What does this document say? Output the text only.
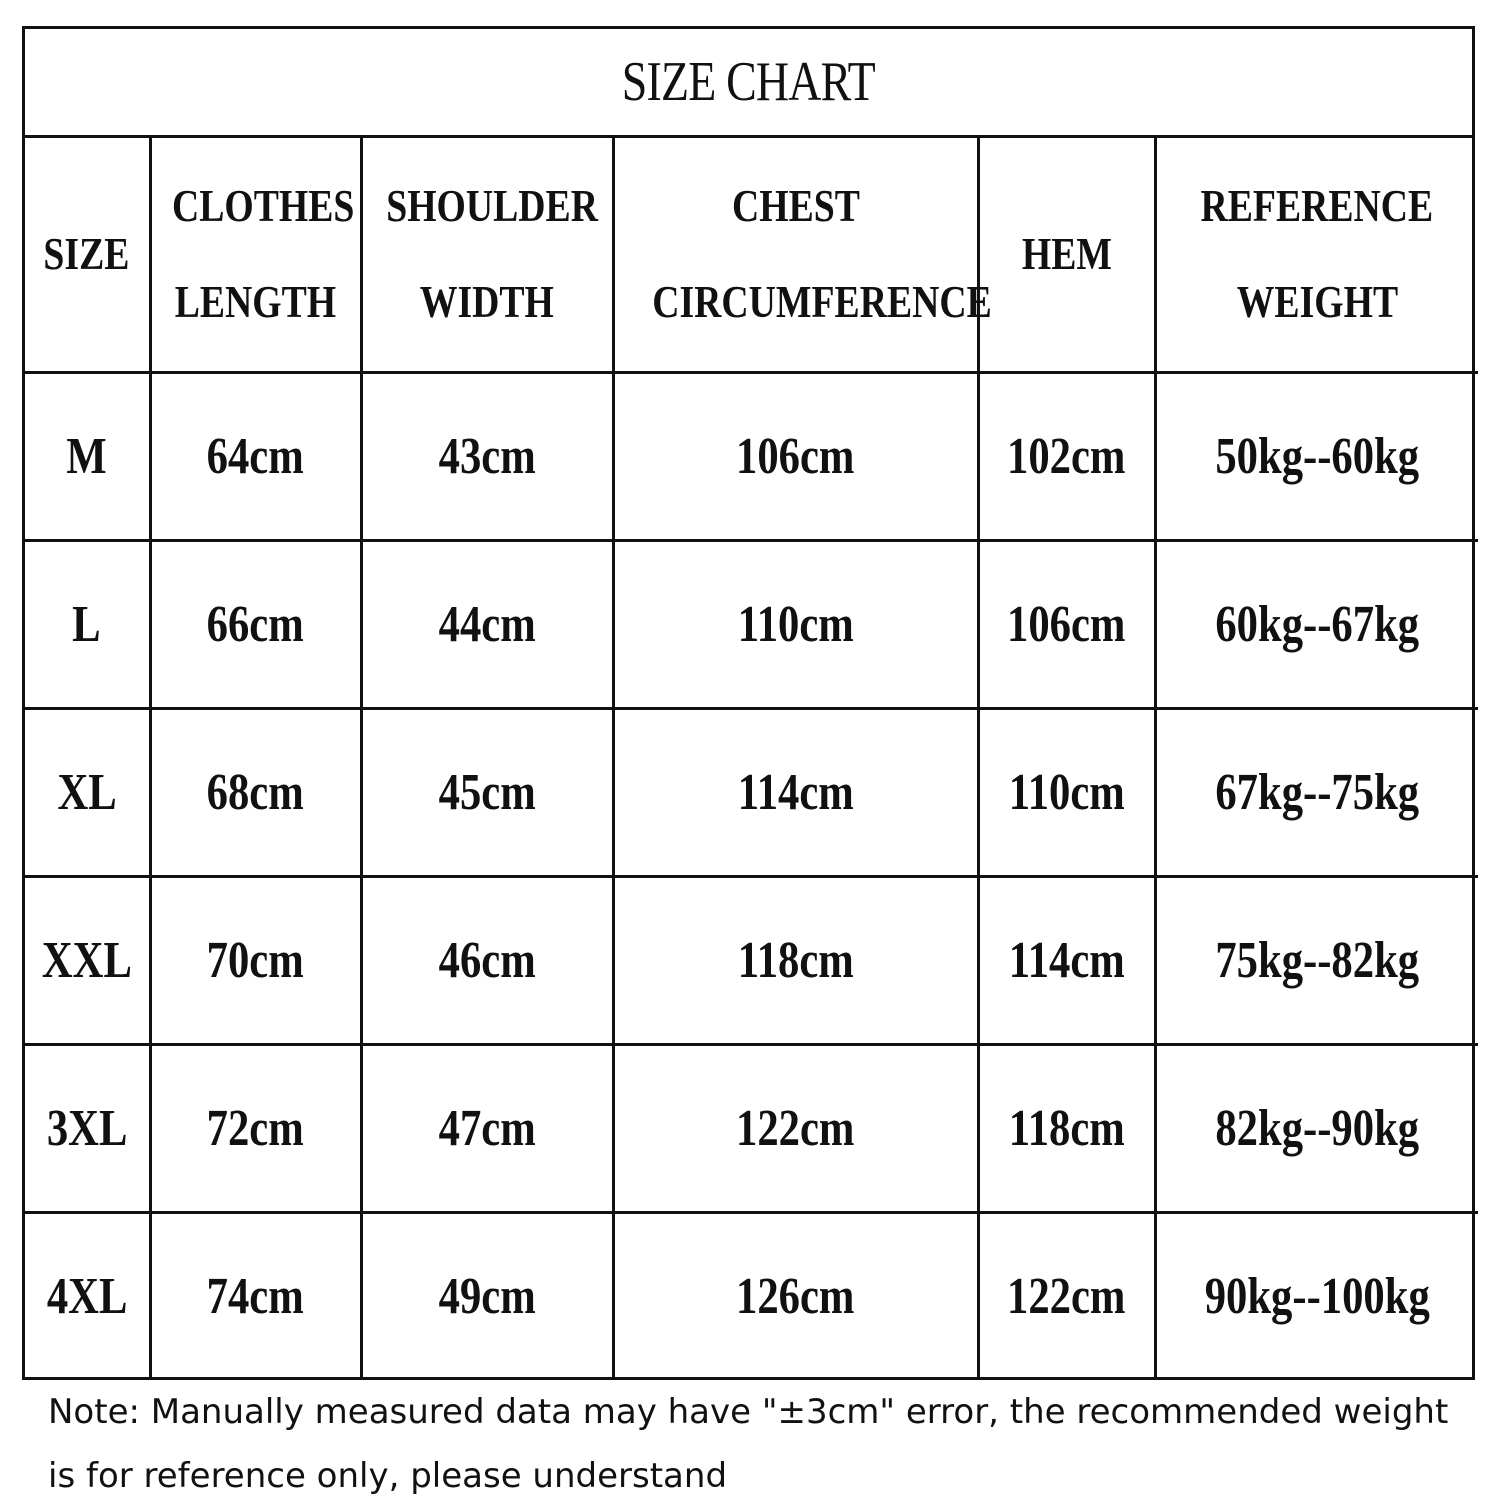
SIZE CHART
SIZE	CLOTHESLENGTH	SHOULDERWIDTH	CHESTCIRCUMFERENCE	HEM	REFERENCEWEIGHT
M	64cm	43cm	106cm	102cm	50kg--60kg
L	66cm	44cm	110cm	106cm	60kg--67kg
XL	68cm	45cm	114cm	110cm	67kg--75kg
XXL	70cm	46cm	118cm	114cm	75kg--82kg
3XL	72cm	47cm	122cm	118cm	82kg--90kg
4XL	74cm	49cm	126cm	122cm	90kg--100kg
Note: Manually measured data may have "±3cm" error, the recommended weight is for reference only, please understand
